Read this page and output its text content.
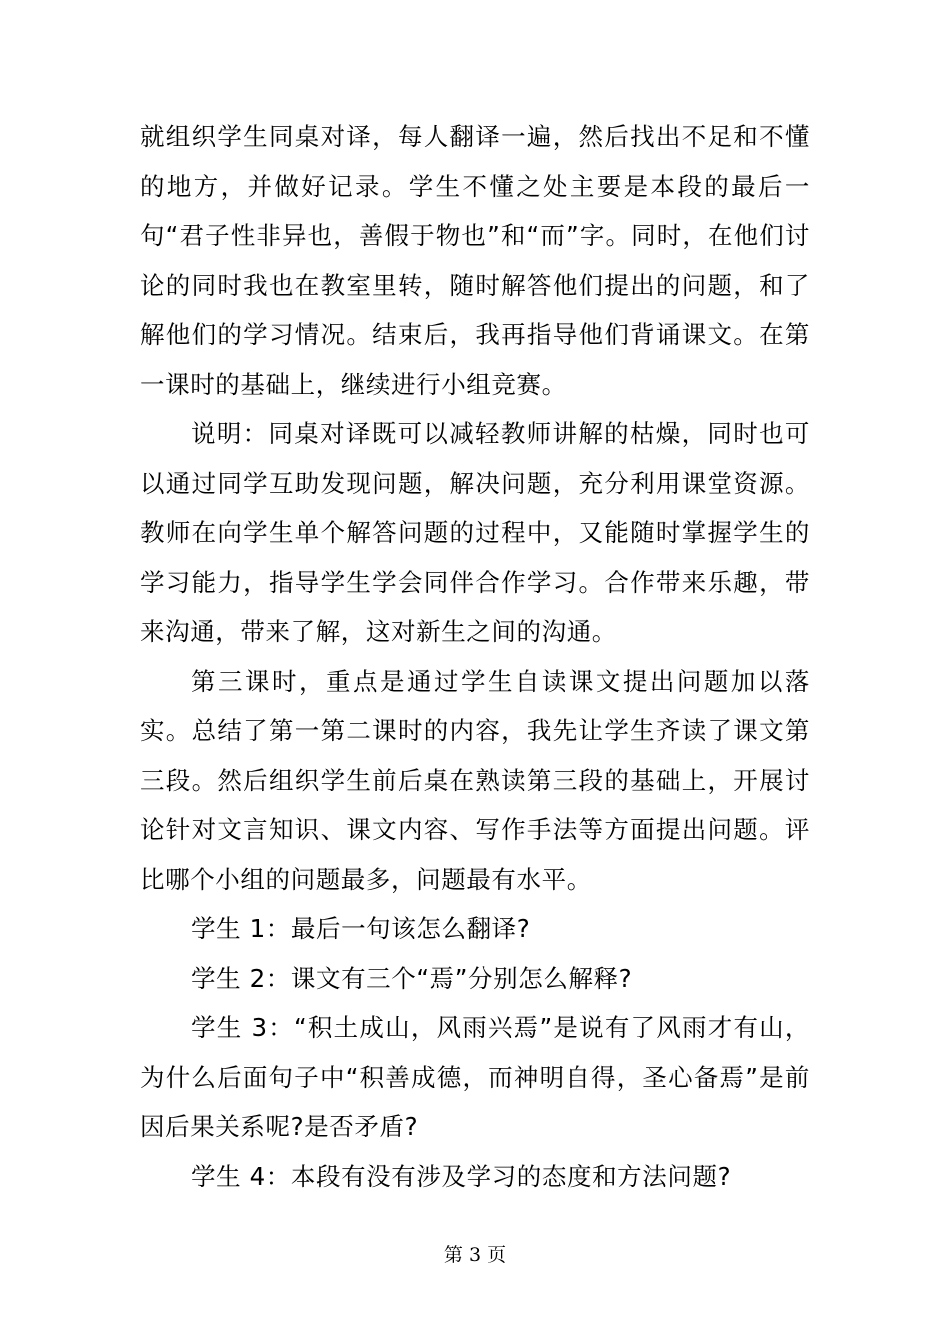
就组织学生同桌对译，每人翻译一遍，然后找出不足和不懂的地方，并做好记录。学生不懂之处主要是本段的最后一句“君子性非异也，善假于物也”和“而”字。同时，在他们讨论的同时我也在教室里转，随时解答他们提出的问题，和了解他们的学习情况。结束后，我再指导他们背诵课文。在第一课时的基础上，继续进行小组竞赛。

说明：同桌对译既可以减轻教师讲解的枯燥，同时也可以通过同学互助发现问题，解决问题，充分利用课堂资源。教师在向学生单个解答问题的过程中，又能随时掌握学生的学习能力，指导学生学会同伴合作学习。合作带来乐趣，带来沟通，带来了解，这对新生之间的沟通。

第三课时，重点是通过学生自读课文提出问题加以落实。总结了第一第二课时的内容，我先让学生齐读了课文第三段。然后组织学生前后桌在熟读第三段的基础上，开展讨论针对文言知识、课文内容、写作手法等方面提出问题。评比哪个小组的问题最多，问题最有水平。

学生 1：最后一句该怎么翻译?

学生 2：课文有三个“焉”分别怎么解释?

学生 3：“积土成山，风雨兴焉”是说有了风雨才有山，为什么后面句子中“积善成德，而神明自得，圣心备焉”是前因后果关系呢?是否矛盾?

学生 4：本段有没有涉及学习的态度和方法问题?

第 3 页
